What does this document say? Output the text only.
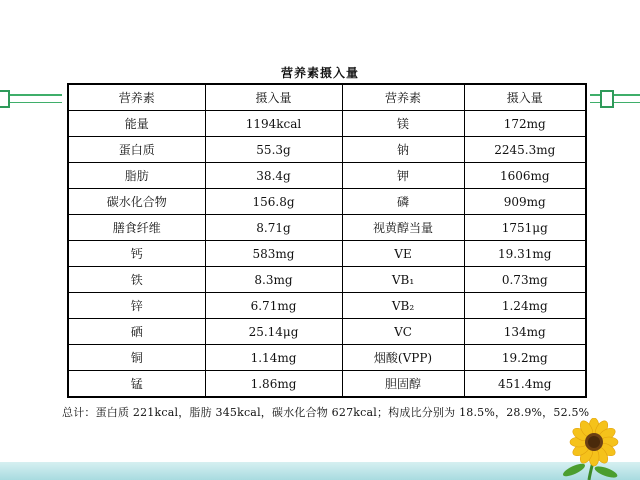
营养素摄入量
营养素	摄入量	营养素	摄入量
能量	1194kcal	镁	172mg
蛋白质	55.3g	钠	2245.3mg
脂肪	38.4g	钾	1606mg
碳水化合物	156.8g	磷	909mg
膳食纤维	8.71g	视黄醇当量	1751μg
钙	583mg	VE	19.31mg
铁	8.3mg	VB₁	0.73mg
锌	6.71mg	VB₂	1.24mg
硒	25.14μg	VC	134mg
铜	1.14mg	烟酸(VPP)	19.2mg
锰	1.86mg	胆固醇	451.4mg
总计：蛋白质 221kcal，脂肪 345kcal，碳水化合物 627kcal；构成比分别为 18.5%，28.9%，52.5%
